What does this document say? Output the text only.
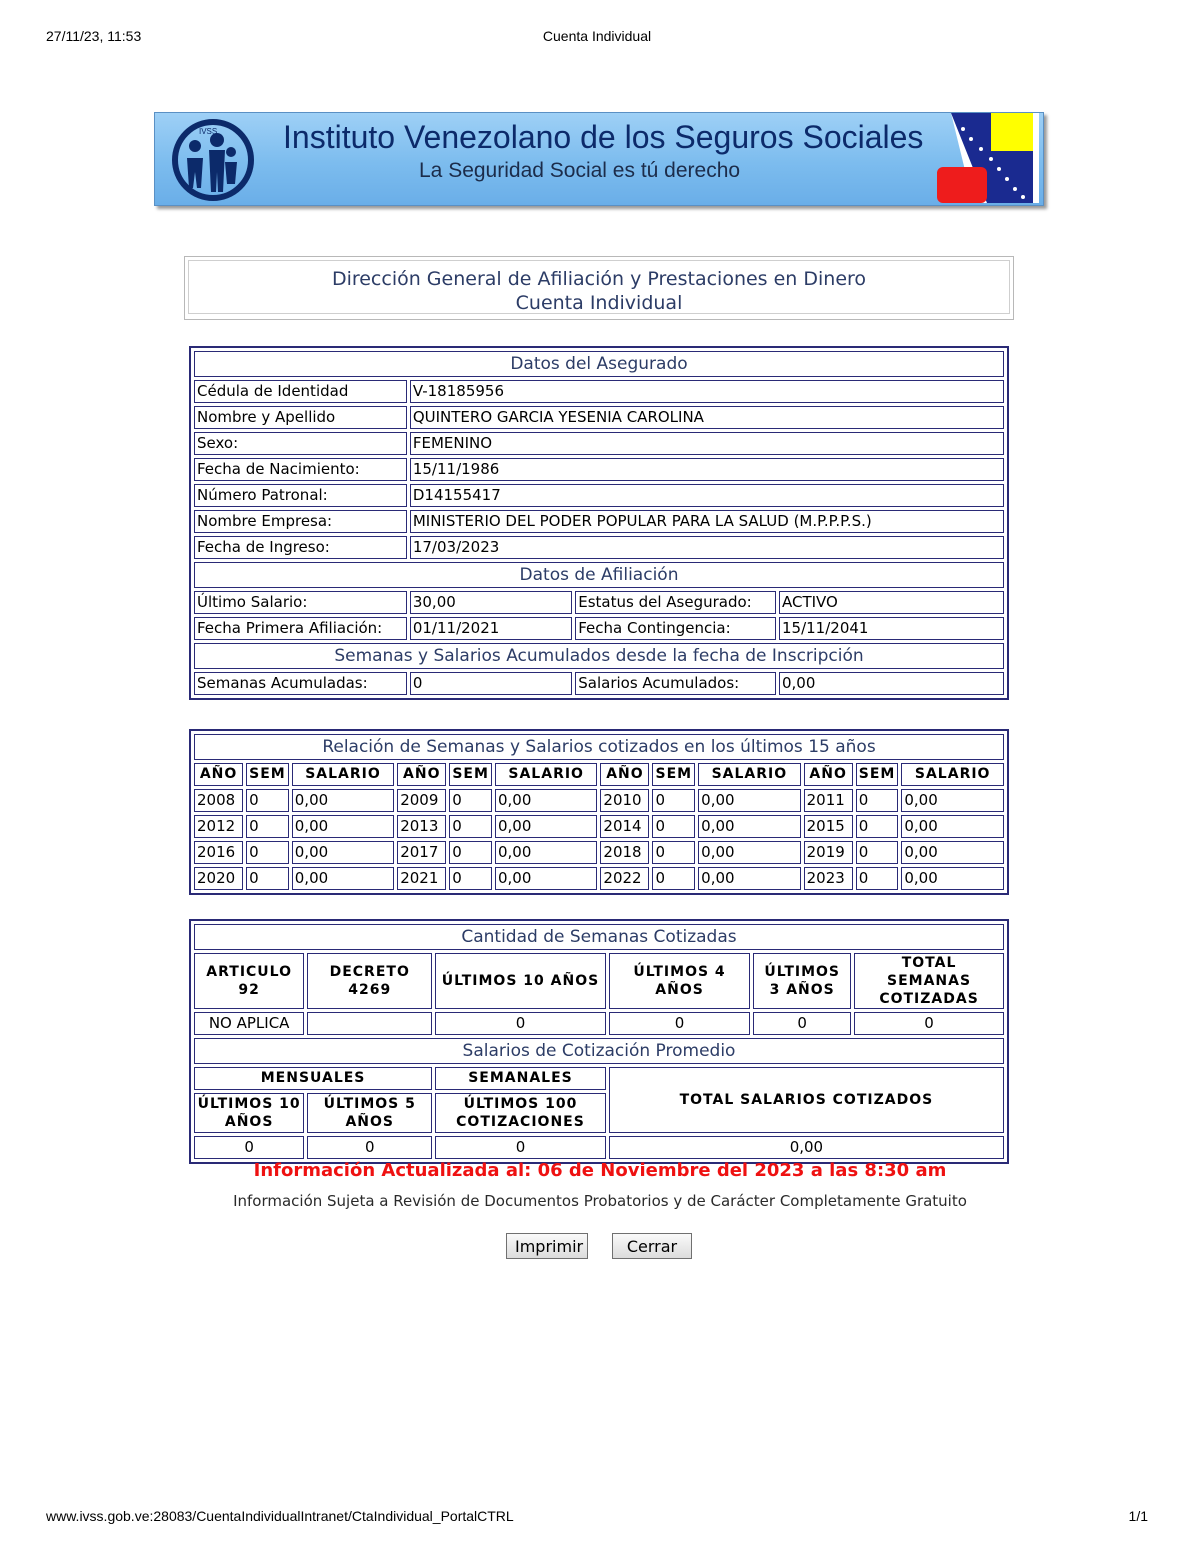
27/11/23, 11:53	Cuenta Individual
IVSS Instituto Venezolano de los Seguros Sociales
La Seguridad Social es tú derecho
Dirección General de Afiliación y Prestaciones en Dinero
Cuenta Individual
Datos del Asegurado			
Cédula de Identidad	V-18185956		
Nombre y Apellido	QUINTERO GARCIA YESENIA CAROLINA		
Sexo:	FEMENINO		
Fecha de Nacimiento:	15/11/1986		
Número Patronal:	D14155417		
Nombre Empresa:	MINISTERIO DEL PODER POPULAR PARA LA SALUD (M.P.P.P.S.)		
Fecha de Ingreso:	17/03/2023		
Datos de Afiliación			
Último Salario:	30,00	Estatus del Asegurado:	ACTIVO
Fecha Primera Afiliación:	01/11/2021	Fecha Contingencia:	15/11/2041
Semanas y Salarios Acumulados desde la fecha de Inscripción			
Semanas Acumuladas:	0	Salarios Acumulados:	0,00
Relación de Semanas y Salarios cotizados en los últimos 15 años											
AÑO	SEM	SALARIO	AÑO	SEM	SALARIO	AÑO	SEM	SALARIO	AÑO	SEM	SALARIO
2008	0	0,00	2009	0	0,00	2010	0	0,00	2011	0	0,00
2012	0	0,00	2013	0	0,00	2014	0	0,00	2015	0	0,00
2016	0	0,00	2017	0	0,00	2018	0	0,00	2019	0	0,00
2020	0	0,00	2021	0	0,00	2022	0	0,00	2023	0	0,00
Cantidad de Semanas Cotizadas					
ARTICULO 92	DECRETO 4269	ÚLTIMOS 10 AÑOS	ÚLTIMOS 4 AÑOS	ÚLTIMOS 3 AÑOS	TOTAL SEMANAS COTIZADAS
NO APLICA		0	0	0	0
Salarios de Cotización Promedio					
MENSUALES		SEMANALES	TOTAL SALARIOS COTIZADOS		
ÚLTIMOS 10 AÑOS	ÚLTIMOS 5 AÑOS	ÚLTIMOS 100 COTIZACIONES			
0	0	0	0,00		
Información Actualizada al: 06 de Noviembre del 2023 a las 8:30 am
Información Sujeta a Revisión de Documentos Probatorios y de Carácter Completamente Gratuito
Imprimir	Cerrar
www.ivss.gob.ve:28083/CuentaIndividualIntranet/CtaIndividual_PortalCTRL	1/1
